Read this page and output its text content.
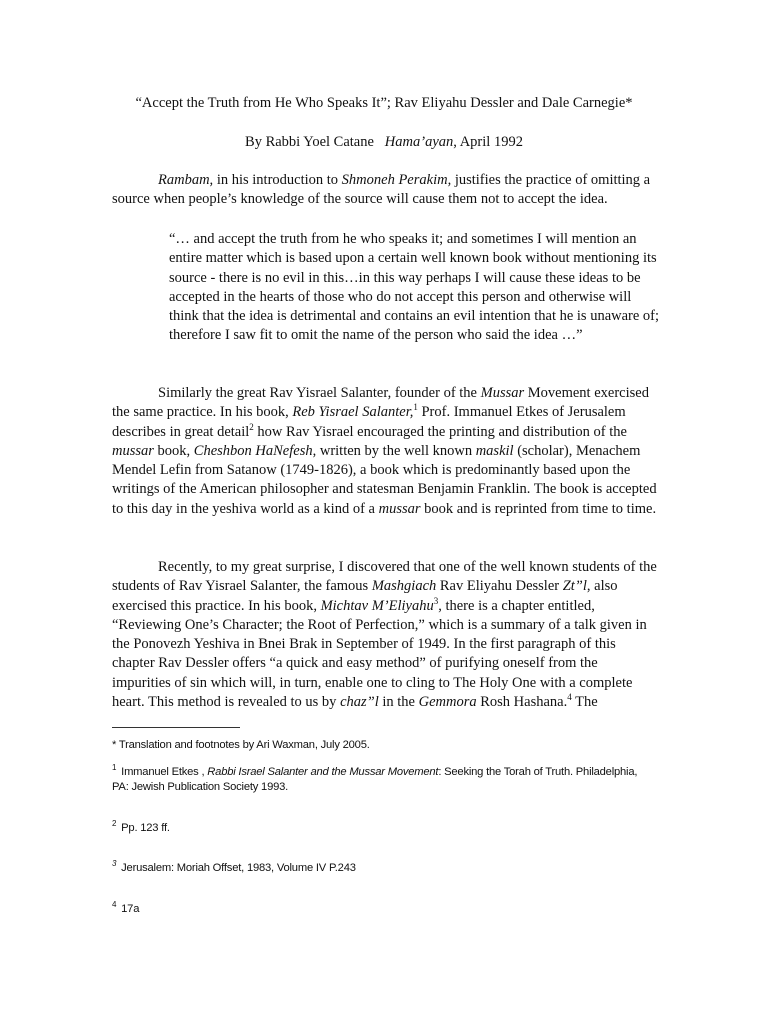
“Accept the Truth from He Who Speaks It”; Rav Eliyahu Dessler and Dale Carnegie*
By Rabbi Yoel Catane Hama’ayan, April 1992

Rambam, in his introduction to Shmoneh Perakim, justifies the practice of omitting a source when people’s knowledge of the source will cause them not to accept the idea.

“… and accept the truth from he who speaks it; and sometimes I will mention an entire matter which is based upon a certain well known book without mentioning its source - there is no evil in this…in this way perhaps I will cause these ideas to be accepted in the hearts of those who do not accept this person and otherwise will think that the idea is detrimental and contains an evil intention that he is unaware of; therefore I saw fit to omit the name of the person who said the idea …”

Similarly the great Rav Yisrael Salanter, founder of the Mussar Movement exercised the same practice. In his book, Reb Yisrael Salanter,$^1$ Prof. Immanuel Etkes of Jerusalem describes in great detail$^2$ how Rav Yisrael encouraged the printing and distribution of the mussar book, Cheshbon HaNefesh, written by the well known maskil (scholar), Menachem Mendel Lefin from Satanow (1749-1826), a book which is predominantly based upon the writings of the American philosopher and statesman Benjamin Franklin. The book is accepted to this day in the yeshiva world as a kind of a mussar book and is reprinted from time to time.

Recently, to my great surprise, I discovered that one of the well known students of the students of Rav Yisrael Salanter, the famous Mashgiach Rav Eliyahu Dessler Zt”l, also exercised this practice. In his book, Michtav M’Eliyahu$^3$, there is a chapter entitled, “Reviewing One’s Character; the Root of Perfection,” which is a summary of a talk given in the Ponovezh Yeshiva in Bnei Brak in September of 1949. In the first paragraph of this chapter Rav Dessler offers “a quick and easy method” of purifying oneself from the impurities of sin which will, in turn, enable one to cling to The Holy One with a complete heart. This method is revealed to us by chaz”l in the Gemmora Rosh Hashana.$^4$ The

* Translation and footnotes by Ari Waxman, July 2005.
$^1$ Immanuel Etkes , Rabbi Israel Salanter and the Mussar Movement: Seeking the Torah of Truth. Philadelphia, PA: Jewish Publication Society 1993.
$^2$ Pp. 123 ff.
$^3$ Jerusalem: Moriah Offset, 1983, Volume IV P.243
$^4$ 17a
